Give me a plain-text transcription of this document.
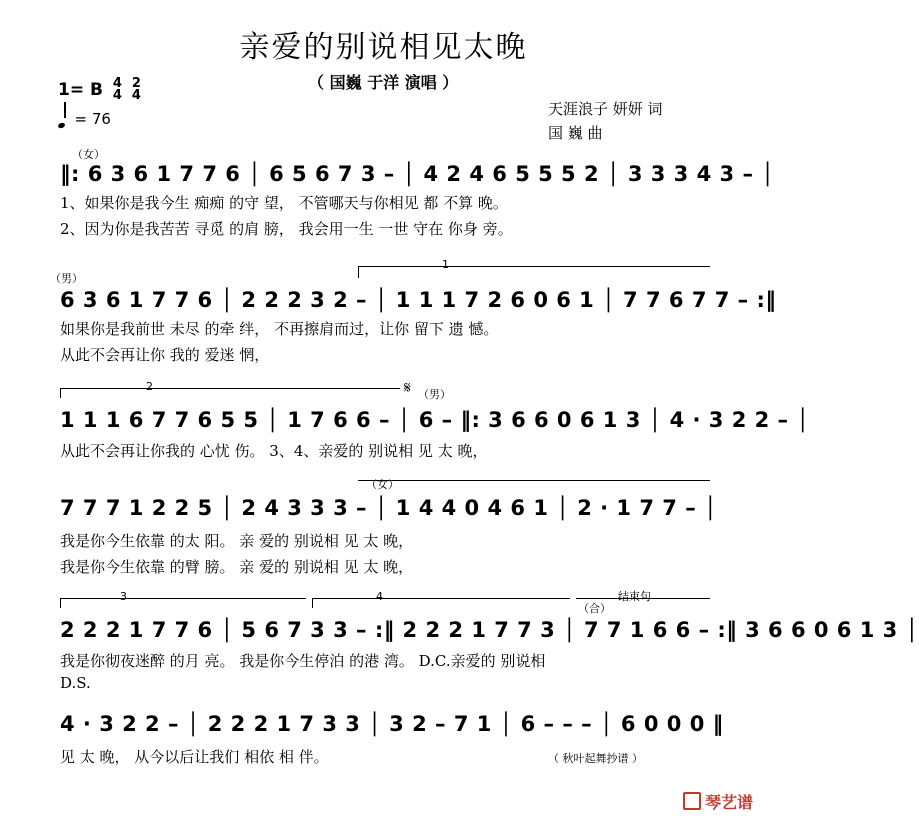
亲爱的别说相见太晚
（ 国巍 于洋 演唱 ）
1= B 4
4 2
4
= 76
天涯浪子 妍妍 词
国 巍 曲
（女）
‖: 6 3 6 1 7 7 6 │ 6 5 6 7 3 – │ 4 2 4 6 5 5 5 2 │ 3 3 3 4 3 – │
1、如果你是我今生 痴痴 的守 望， 不管哪天与你相见 都 不算 晚。
2、因为你是我苦苦 寻觅 的肩 膀， 我会用一生 一世 守在 你身 旁。
（男）
1
6 3 6 1 7 7 6 │ 2 2 2 3 2 – │ 1 1 1 7 2 6 0 6 1 │ 7 7 6 7 7 – :‖
如果你是我前世 未尽 的牵 绊， 不再擦肩而过，让你 留下 遗 憾。
从此不会再让你 我的 爱迷 惘，
2	𝄋 （男）
1 1 1 6 7 7 6 5 5 │ 1 7 6 6 – │ 6 – ‖: 3 6 6 0 6 1 3 │ 4 · 3 2 2 – │
从此不会再让你我的 心忧 伤。 3、4、亲爱的 别说相 见 太 晚，
（女）
7 7 7 1 2 2 5 │ 2 4 3 3 3 – │ 1 4 4 0 4 6 1 │ 2 · 1 7 7 – │
我是你今生依靠 的太 阳。 亲 爱的 别说相 见 太 晚，
我是你今生依靠 的臂 膀。 亲 爱的 别说相 见 太 晚，
3	4
（合）
结束句
2 2 2 1 7 7 6 │ 5 6 7 3 3 – :‖ 2 2 2 1 7 7 3 │ 7 7 1 6 6 – :‖ 3 6 6 0 6 1 3 │
我是你彻夜迷醉 的月 亮。 我是你今生停泊 的港 湾。 D.C.亲爱的 别说相
D.S.
4 · 3 2 2 – │ 2 2 2 1 7 3 3 │ 3 2 – 7 1 │ 6 – – – │ 6 0 0 0 ‖
见 太 晚， 从今以后让我们 相依 相 伴。	（ 秋叶起舞抄谱 ）
琴艺谱
